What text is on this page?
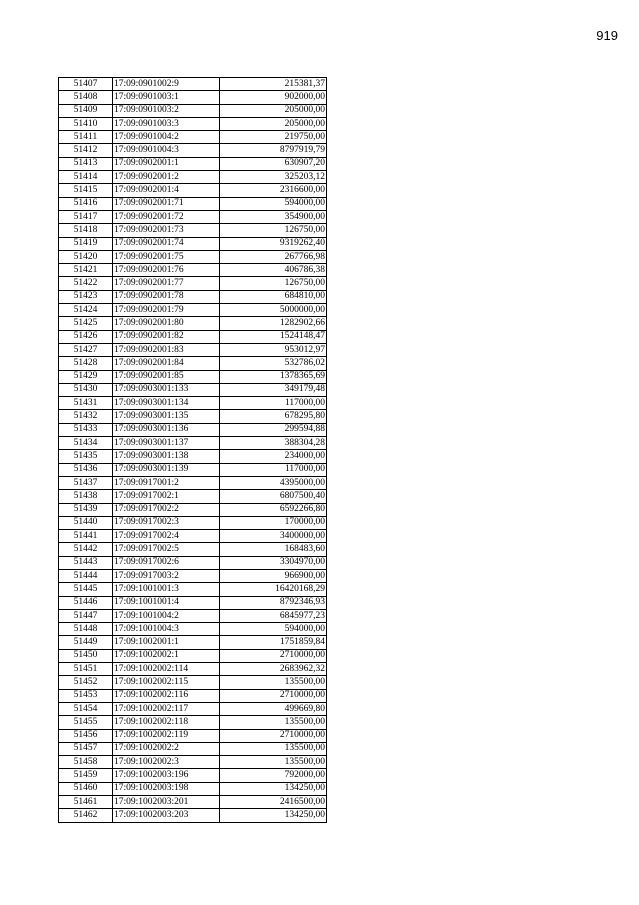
919
51407	17:09:0901002:9	215381,37
51408	17:09:0901003:1	902000,00
51409	17:09:0901003:2	205000,00
51410	17:09:0901003:3	205000,00
51411	17:09:0901004:2	219750,00
51412	17:09:0901004:3	8797919,79
51413	17:09:0902001:1	630907,20
51414	17:09:0902001:2	325203,12
51415	17:09:0902001:4	2316600,00
51416	17:09:0902001:71	594000,00
51417	17:09:0902001:72	354900,00
51418	17:09:0902001:73	126750,00
51419	17:09:0902001:74	9319262,40
51420	17:09:0902001:75	267766,98
51421	17:09:0902001:76	406786,38
51422	17:09:0902001:77	126750,00
51423	17:09:0902001:78	684810,00
51424	17:09:0902001:79	5000000,00
51425	17:09:0902001:80	1282902,66
51426	17:09:0902001:82	1524148,47
51427	17:09:0902001:83	953012,97
51428	17:09:0902001:84	532786,02
51429	17:09:0902001:85	1378365,69
51430	17:09:0903001:133	349179,48
51431	17:09:0903001:134	117000,00
51432	17:09:0903001:135	678295,80
51433	17:09:0903001:136	299594,88
51434	17:09:0903001:137	388304,28
51435	17:09:0903001:138	234000,00
51436	17:09:0903001:139	117000,00
51437	17:09:0917001:2	4395000,00
51438	17:09:0917002:1	6807500,40
51439	17:09:0917002:2	6592266,80
51440	17:09:0917002:3	170000,00
51441	17:09:0917002:4	3400000,00
51442	17:09:0917002:5	168483,60
51443	17:09:0917002:6	3304970,00
51444	17:09:0917003:2	966900,00
51445	17:09:1001001:3	16420168,29
51446	17:09:1001001:4	8792346,93
51447	17:09:1001004:2	6845977,23
51448	17:09:1001004:3	594000,00
51449	17:09:1002001:1	1751859,84
51450	17:09:1002002:1	2710000,00
51451	17:09:1002002:114	2683962,32
51452	17:09:1002002:115	135500,00
51453	17:09:1002002:116	2710000,00
51454	17:09:1002002:117	499669,80
51455	17:09:1002002:118	135500,00
51456	17:09:1002002:119	2710000,00
51457	17:09:1002002:2	135500,00
51458	17:09:1002002:3	135500,00
51459	17:09:1002003:196	792000,00
51460	17:09:1002003:198	134250,00
51461	17:09:1002003:201	2416500,00
51462	17:09:1002003:203	134250,00
